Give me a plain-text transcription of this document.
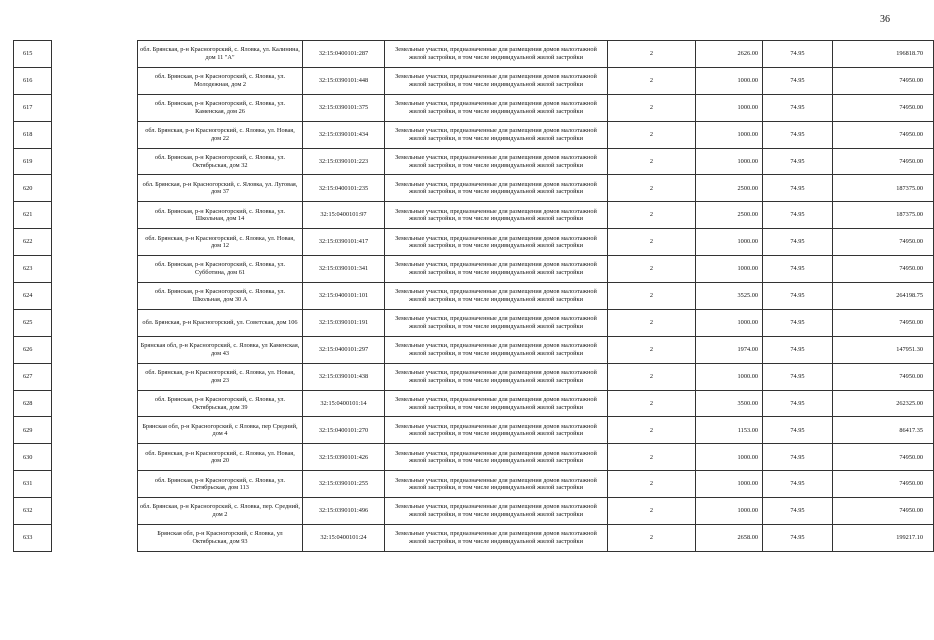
36
615		обл. Брянская, р-н Красногорский, с. Яловка, ул. Калинина, дом 11 "А"	32:15:0400101:287	Земельные участки, предназначенные для размещения домов малоэтажной жилой застройки, в том числе индивидуальной жилой застройки	2	2626.00	74.95	196818.70
616		обл. Брянская, р-н Красногорский, с. Яловка, ул. Молодежная, дом 2	32:15:0390101:448	Земельные участки, предназначенные для размещения домов малоэтажной жилой застройки, в том числе индивидуальной жилой застройки	2	1000.00	74.95	74950.00
617		обл. Брянская, р-н Красногорский, с. Яловка, ул. Каменская, дом 26	32:15:0390101:375	Земельные участки, предназначенные для размещения домов малоэтажной жилой застройки, в том числе индивидуальной жилой застройки	2	1000.00	74.95	74950.00
618		обл. Брянская, р-н Красногорский, с. Яловка, ул. Новая, дом 22	32:15:0390101:434	Земельные участки, предназначенные для размещения домов малоэтажной жилой застройки, в том числе индивидуальной жилой застройки	2	1000.00	74.95	74950.00
619		обл. Брянская, р-н Красногорский, с. Яловка, ул. Октябрьская, дом 32	32:15:0390101:223	Земельные участки, предназначенные для размещения домов малоэтажной жилой застройки, в том числе индивидуальной жилой застройки	2	1000.00	74.95	74950.00
620		обл. Брянская, р-н Красногорский, с. Яловка, ул. Луговая, дом 37	32:15:0400101:235	Земельные участки, предназначенные для размещения домов малоэтажной жилой застройки, в том числе индивидуальной жилой застройки	2	2500.00	74.95	187375.00
621		обл. Брянская, р-н Красногорский, с. Яловка, ул. Школьная, дом 14	32:15:0400101:97	Земельные участки, предназначенные для размещения домов малоэтажной жилой застройки, в том числе индивидуальной жилой застройки	2	2500.00	74.95	187375.00
622		обл. Брянская, р-н Красногорский, с. Яловка, ул. Новая, дом 12	32:15:0390101:417	Земельные участки, предназначенные для размещения домов малоэтажной жилой застройки, в том числе индивидуальной жилой застройки	2	1000.00	74.95	74950.00
623		обл. Брянская, р-н Красногорский, с. Яловка, ул. Субботина, дом 61	32:15:0390101:341	Земельные участки, предназначенные для размещения домов малоэтажной жилой застройки, в том числе индивидуальной жилой застройки	2	1000.00	74.95	74950.00
624		обл. Брянская, р-н Красногорский, с. Яловка, ул. Школьная, дом 30 А	32:15:0400101:101	Земельные участки, предназначенные для размещения домов малоэтажной жилой застройки, в том числе индивидуальной жилой застройки	2	3525.00	74.95	264198.75
625		обл. Брянская, р-н Красногорский, ул. Советская, дом 106	32:15:0390101:191	Земельные участки, предназначенные для размещения домов малоэтажной жилой застройки, в том числе индивидуальной жилой застройки	2	1000.00	74.95	74950.00
626		Брянская обл, р-н Красногорский, с. Яловка, ул Каменская, дом 43	32:15:0400101:297	Земельные участки, предназначенные для размещения домов малоэтажной жилой застройки, в том числе индивидуальной жилой застройки	2	1974.00	74.95	147951.30
627		обл. Брянская, р-н Красногорский, с. Яловка, ул. Новая, дом 23	32:15:0390101:438	Земельные участки, предназначенные для размещения домов малоэтажной жилой застройки, в том числе индивидуальной жилой застройки	2	1000.00	74.95	74950.00
628		обл. Брянская, р-н Красногорский, с. Яловка, ул. Октябрьская, дом 39	32:15:0400101:14	Земельные участки, предназначенные для размещения домов малоэтажной жилой застройки, в том числе индивидуальной жилой застройки	2	3500.00	74.95	262325.00
629		Брянская обл, р-н Красногорский, с Яловка, пер Средний, дом 4	32:15:0400101:270	Земельные участки, предназначенные для размещения домов малоэтажной жилой застройки, в том числе индивидуальной жилой застройки	2	1153.00	74.95	86417.35
630		обл. Брянская, р-н Красногорский, с. Яловка, ул. Новая, дом 20	32:15:0390101:426	Земельные участки, предназначенные для размещения домов малоэтажной жилой застройки, в том числе индивидуальной жилой застройки	2	1000.00	74.95	74950.00
631		обл. Брянская, р-н Красногорский, с. Яловка, ул. Октябрьская, дом 113	32:15:0390101:255	Земельные участки, предназначенные для размещения домов малоэтажной жилой застройки, в том числе индивидуальной жилой застройки	2	1000.00	74.95	74950.00
632		обл. Брянская, р-н Красногорский, с. Яловка, пер. Средний, дом 2	32:15:0390101:496	Земельные участки, предназначенные для размещения домов малоэтажной жилой застройки, в том числе индивидуальной жилой застройки	2	1000.00	74.95	74950.00
633		Брянская обл, р-н Красногорский, с Яловка, ул Октябрьская, дом 93	32:15:0400101:24	Земельные участки, предназначенные для размещения домов малоэтажной жилой застройки, в том числе индивидуальной жилой застройки	2	2658.00	74.95	199217.10
